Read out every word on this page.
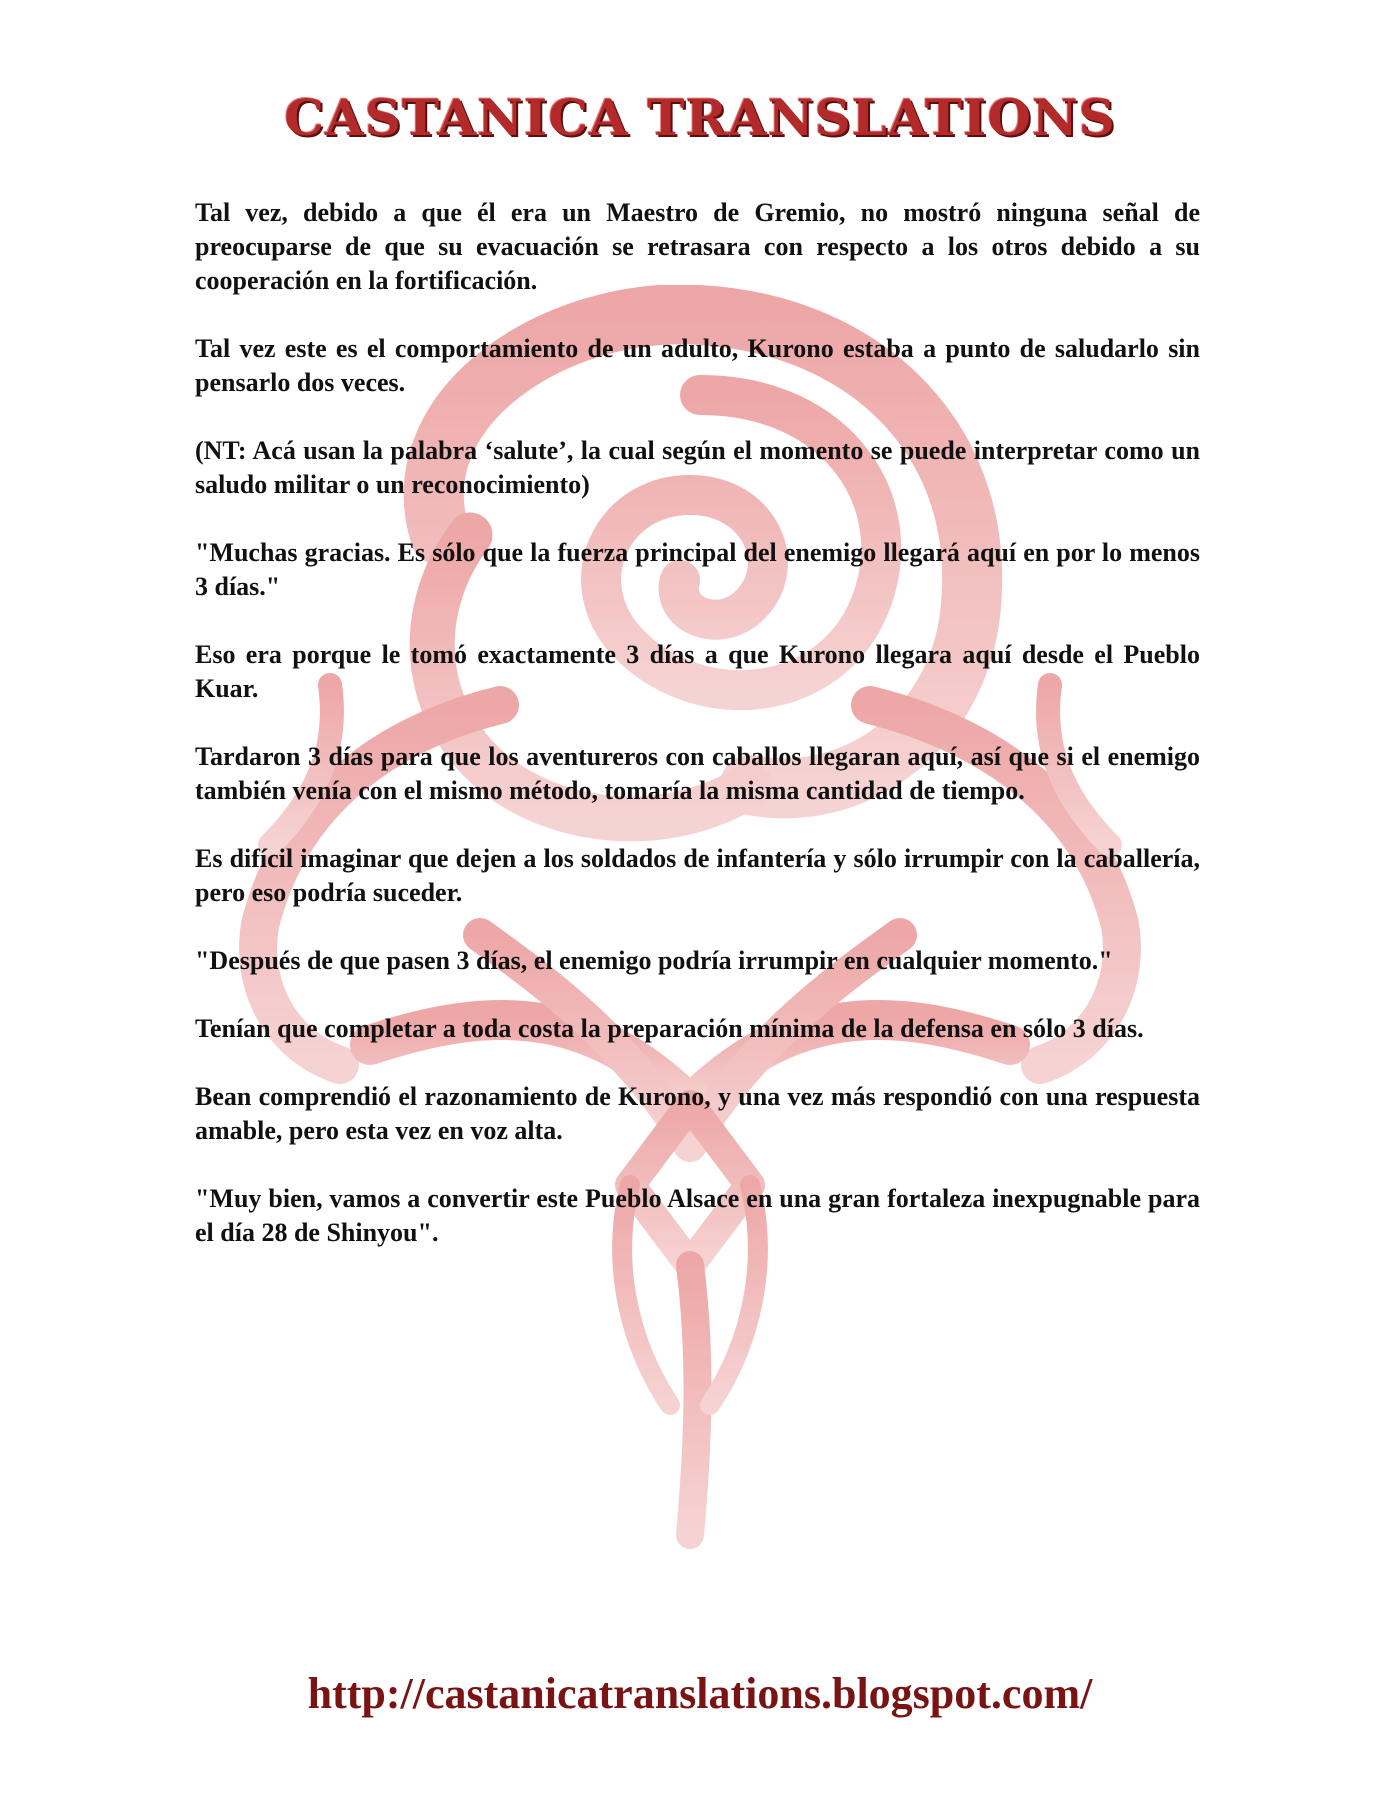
CASTANICA TRANSLATIONS

Tal vez, debido a que él era un Maestro de Gremio, no mostró ninguna señal de preocuparse de que su evacuación se retrasara con respecto a los otros debido a su cooperación en la fortificación.

Tal vez este es el comportamiento de un adulto, Kurono estaba a punto de saludarlo sin pensarlo dos veces.

(NT: Acá usan la palabra ‘salute’, la cual según el momento se puede interpretar como un saludo militar o un reconocimiento)

"Muchas gracias. Es sólo que la fuerza principal del enemigo llegará aquí en por lo menos 3 días."

Eso era porque le tomó exactamente 3 días a que Kurono llegara aquí desde el Pueblo Kuar.

Tardaron 3 días para que los aventureros con caballos llegaran aquí, así que si el enemigo también venía con el mismo método, tomaría la misma cantidad de tiempo.

Es difícil imaginar que dejen a los soldados de infantería y sólo irrumpir con la caballería, pero eso podría suceder.

"Después de que pasen 3 días, el enemigo podría irrumpir en cualquier momento."

Tenían que completar a toda costa la preparación mínima de la defensa en sólo 3 días.

Bean comprendió el razonamiento de Kurono, y una vez más respondió con una respuesta amable, pero esta vez en voz alta.

"Muy bien, vamos a convertir este Pueblo Alsace en una gran fortaleza inexpugnable para el día 28 de Shinyou".

http://castanicatranslations.blogspot.com/
